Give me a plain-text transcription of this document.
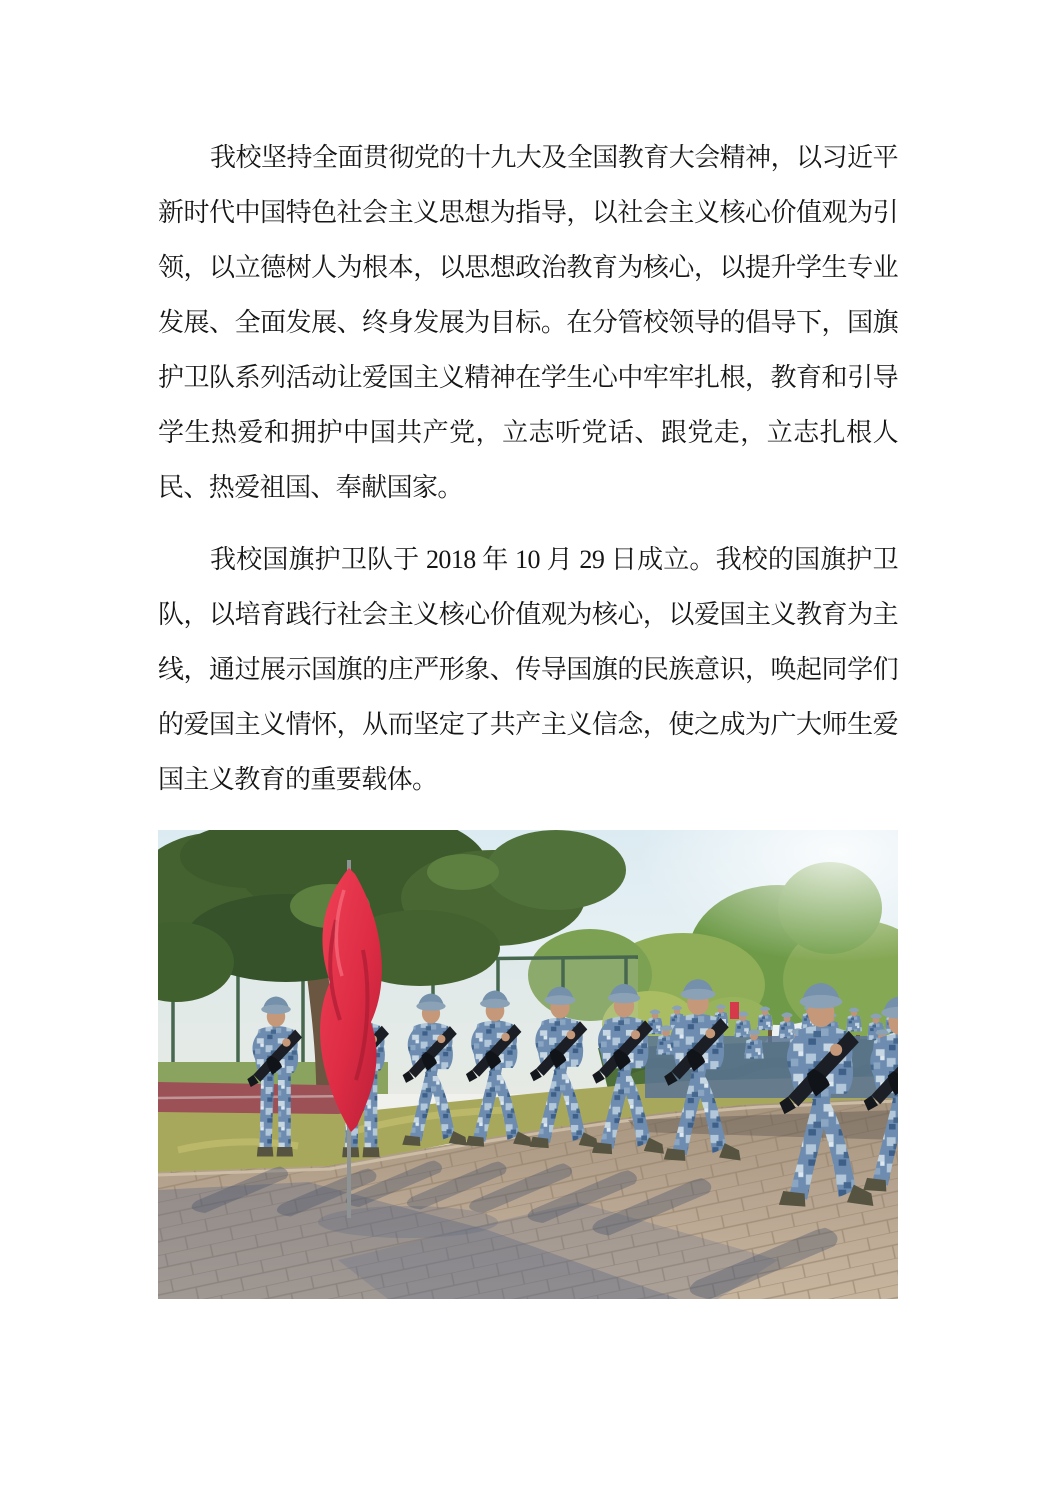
我校坚持全面贯彻党的十九大及全国教育大会精神，以习近平新时代中国特色社会主义思想为指导，以社会主义核心价值观为引领，以立德树人为根本，以思想政治教育为核心，以提升学生专业发展、全面发展、终身发展为目标。在分管校领导的倡导下，国旗护卫队系列活动让爱国主义精神在学生心中牢牢扎根，教育和引导学生热爱和拥护中国共产党，立志听党话、跟党走，立志扎根人民、热爱祖国、奉献国家。

我校国旗护卫队于 2018 年 10 月 29 日成立。我校的国旗护卫队，以培育践行社会主义核心价值观为核心，以爱国主义教育为主线，通过展示国旗的庄严形象、传导国旗的民族意识，唤起同学们的爱国主义情怀，从而坚定了共产主义信念，使之成为广大师生爱国主义教育的重要载体。
